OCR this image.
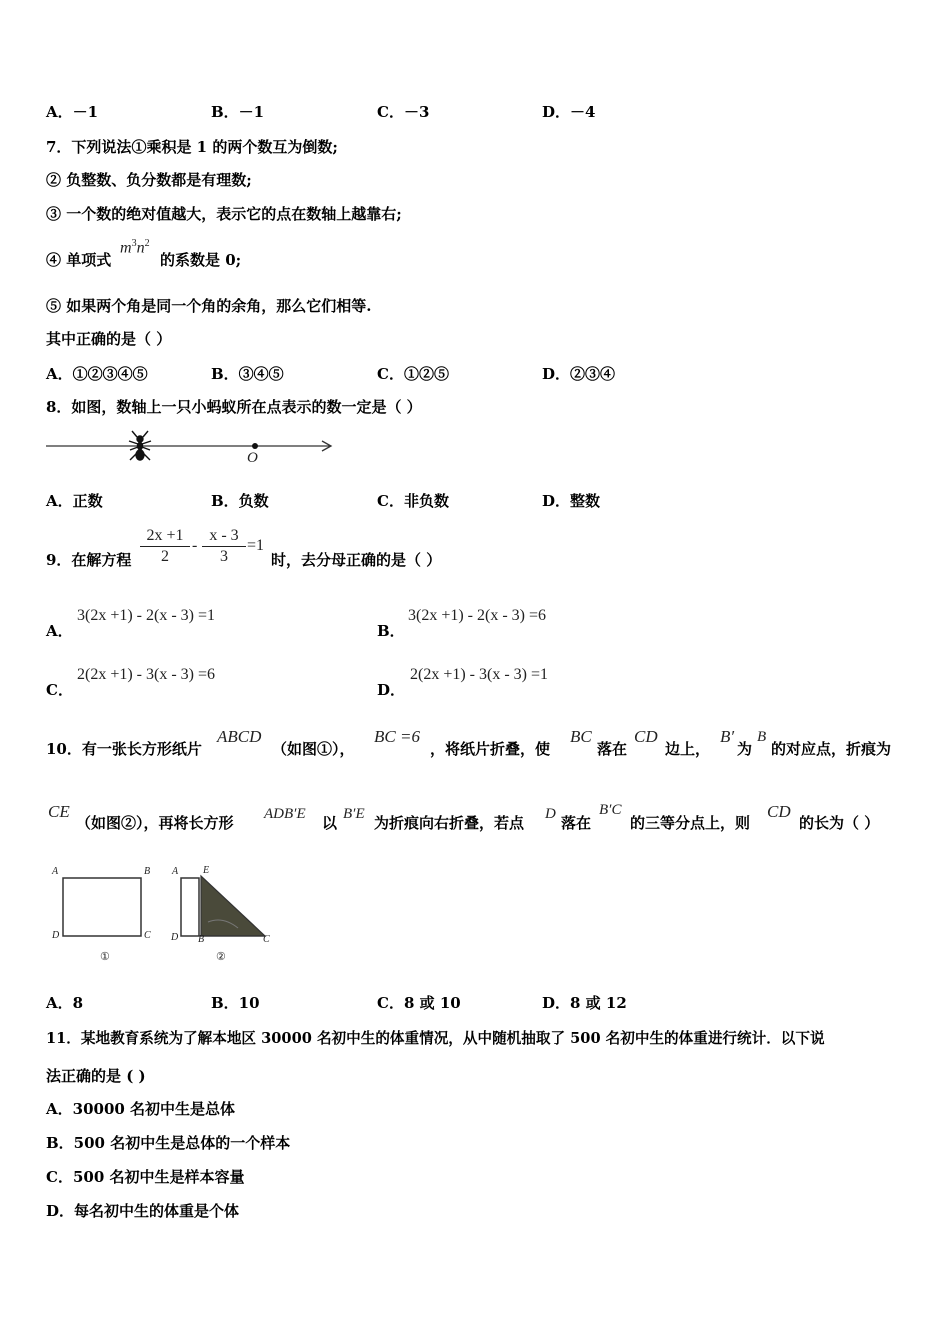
A．－1	B．－1	C．－3	D．－4
7．下列说法①乘积是 1 的两个数互为倒数;
② 负整数、负分数都是有理数;
③ 一个数的绝对值越大，表示它的点在数轴上越靠右;
④ 单项式
$m^3n^2$
的系数是 0;
⑤ 如果两个角是同一个角的余角，那么它们相等.
其中正确的是（ ）
A．①②③④⑤	B．③④⑤	C．①②⑤	D．②③④
8．如图，数轴上一只小蚂蚁所在点表示的数一定是（ ）
O
A．正数	B．负数	C．非负数	D．整数
9．在解方程 $\frac{2x +1}{2} - \frac{x - 3}{3} =1$
时，去分母正确的是（ ）
A．
3(2x +1) - 2(x - 3) =1
B．
3(2x +1) - 2(x - 3) =6
C．
2(2x +1) - 3(x - 3) =6
D．
2(2x +1) - 3(x - 3) =1
10．有一张长方形纸片
ABCD
（如图①），
BC =6
，将纸片折叠，使
BC
落在
CD
边上，
B′
为
B
的对应点，折痕为
CE
（如图②），再将长方形 ADB′E 以 B′E 为折痕向右折叠，若点 D 落在
B′C
的三等分点上，则
CD
的长为（ ）
A	B
D	C
①
A E
D B	C
②
A．8	B．10	C．8 或 10	D．8 或 12
11．某地教育系统为了解本地区 30000 名初中生的体重情况，从中随机抽取了 500 名初中生的体重进行统计．以下说
法正确的是 ( )
A．30000 名初中生是总体
B．500 名初中生是总体的一个样本
C．500 名初中生是样本容量
D．每名初中生的体重是个体
